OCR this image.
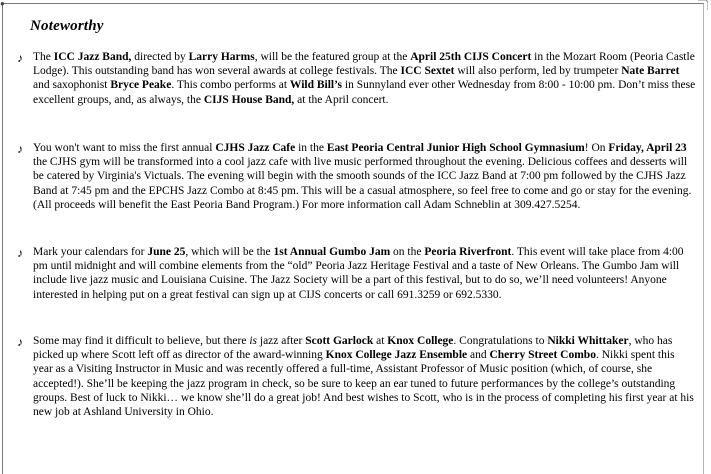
●
Noteworthy
♪ The ICC Jazz Band, directed by Larry Harms, will be the featured group at the April 25th CIJS Concert in the Mozart Room (Peoria Castle Lodge). This outstanding band has won several awards at college festivals. The ICC Sextet will also perform, led by trumpeter Nate Barret and saxophonist Bryce Peake. This combo performs at Wild Bill’s in Sunnyland ever other Wednesday from 8:00 - 10:00 pm. Don’t miss these excellent groups, and, as always, the CIJS House Band, at the April concert.
♪ You won't want to miss the first annual CJHS Jazz Cafe in the East Peoria Central Junior High School Gymnasium! On Friday, April 23 the CJHS gym will be transformed into a cool jazz cafe with live music performed throughout the evening. Delicious coffees and desserts will be catered by Virginia's Victuals. The evening will begin with the smooth sounds of the ICC Jazz Band at 7:00 pm followed by the CJHS Jazz Band at 7:45 pm and the EPCHS Jazz Combo at 8:45 pm. This will be a casual atmosphere, so feel free to come and go or stay for the evening. (All proceeds will benefit the East Peoria Band Program.) For more information call Adam Schneblin at 309.427.5254.
♪ Mark your calendars for June 25, which will be the 1st Annual Gumbo Jam on the Peoria Riverfront. This event will take place from 4:00 pm until midnight and will combine elements from the “old” Peoria Jazz Heritage Festival and a taste of New Orleans. The Gumbo Jam will include live jazz music and Louisiana Cuisine. The Jazz Society will be a part of this festival, but to do so, we’ll need volunteers! Anyone interested in helping put on a great festival can sign up at CIJS concerts or call 691.3259 or 692.5330.
♪ Some may find it difficult to believe, but there is jazz after Scott Garlock at Knox College. Congratulations to Nikki Whittaker, who has picked up where Scott left off as director of the award-winning Knox College Jazz Ensemble and Cherry Street Combo. Nikki spent this year as a Visiting Instructor in Music and was recently offered a full-time, Assistant Professor of Music position (which, of course, she accepted!). She’ll be keeping the jazz program in check, so be sure to keep an ear tuned to future performances by the college’s outstanding groups. Best of luck to Nikki… we know she’ll do a great job! And best wishes to Scott, who is in the process of completing his first year at his new job at Ashland University in Ohio.
